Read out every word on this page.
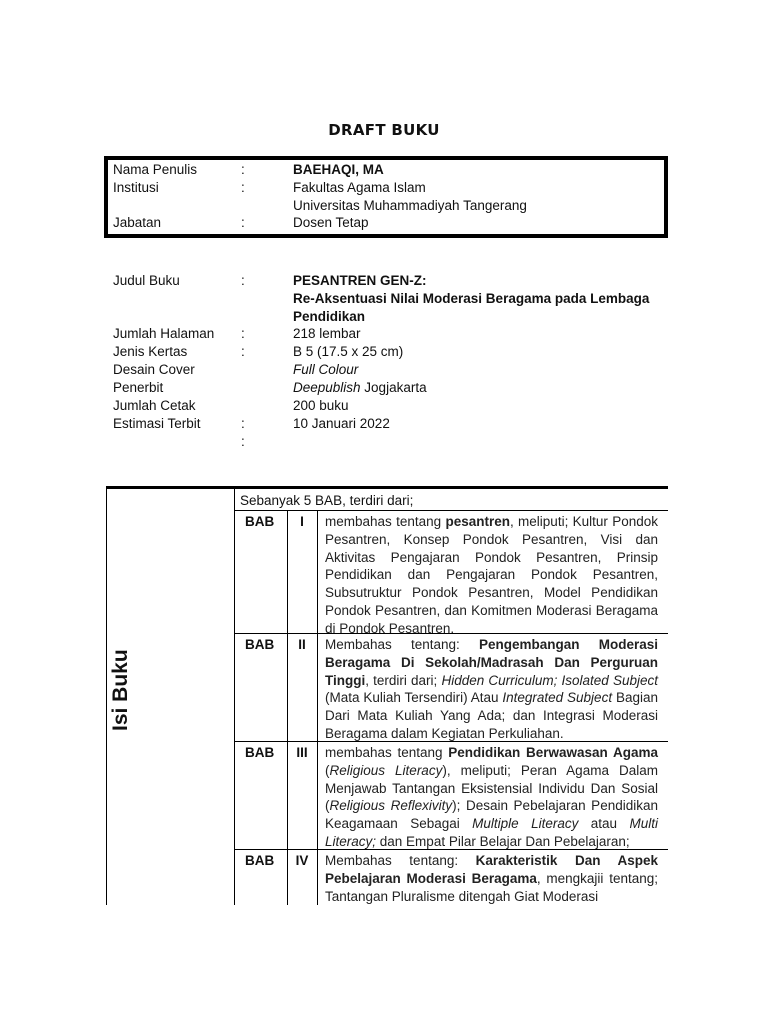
DRAFT BUKU
Nama Penulis	:	BAEHAQI, MA
Institusi	:	Fakultas Agama Islam
Universitas Muhammadiyah Tangerang
Jabatan	:	Dosen Tetap
Judul Buku	:	PESANTREN GEN-Z:
Re-Aksentuasi Nilai Moderasi Beragama pada Lembaga
Pendidikan
Jumlah Halaman :	218 lembar
Jenis Kertas	:	B 5 (17.5 x 25 cm)
Desain Cover	Full Colour
Penerbit	Deepublish Jogjakarta
Jumlah Cetak	200 buku
Estimasi Terbit	:	10 Januari 2022
:
Isi Buku
Sebanyak 5 BAB, terdiri dari;
BAB	I	membahas tentang pesantren, meliputi; Kultur Pondok Pesantren, Konsep Pondok Pesantren, Visi dan Aktivitas Pengajaran Pondok Pesantren, Prinsip Pendidikan dan Pengajaran Pondok Pesantren, Subsutruktur Pondok Pesantren, Model Pendidikan Pondok Pesantren, dan Komitmen Moderasi Beragama di Pondok Pesantren.
BAB	II	Membahas tentang: Pengembangan Moderasi Beragama Di Sekolah/Madrasah Dan Perguruan Tinggi, terdiri dari; Hidden Curriculum; Isolated Subject (Mata Kuliah Tersendiri) Atau Integrated Subject Bagian Dari Mata Kuliah Yang Ada; dan Integrasi Moderasi Beragama dalam Kegiatan Perkuliahan.
BAB	III	membahas tentang Pendidikan Berwawasan Agama (Religious Literacy), meliputi; Peran Agama Dalam Menjawab Tantangan Eksistensial Individu Dan Sosial (Religious Reflexivity); Desain Pebelajaran Pendidikan Keagamaan Sebagai Multiple Literacy atau Multi Literacy; dan Empat Pilar Belajar Dan Pebelajaran;
BAB IV Membahas tentang: Karakteristik Dan Aspek Pebelajaran Moderasi Beragama, mengkajii tentang; Tantangan Pluralisme ditengah Giat Moderasi
